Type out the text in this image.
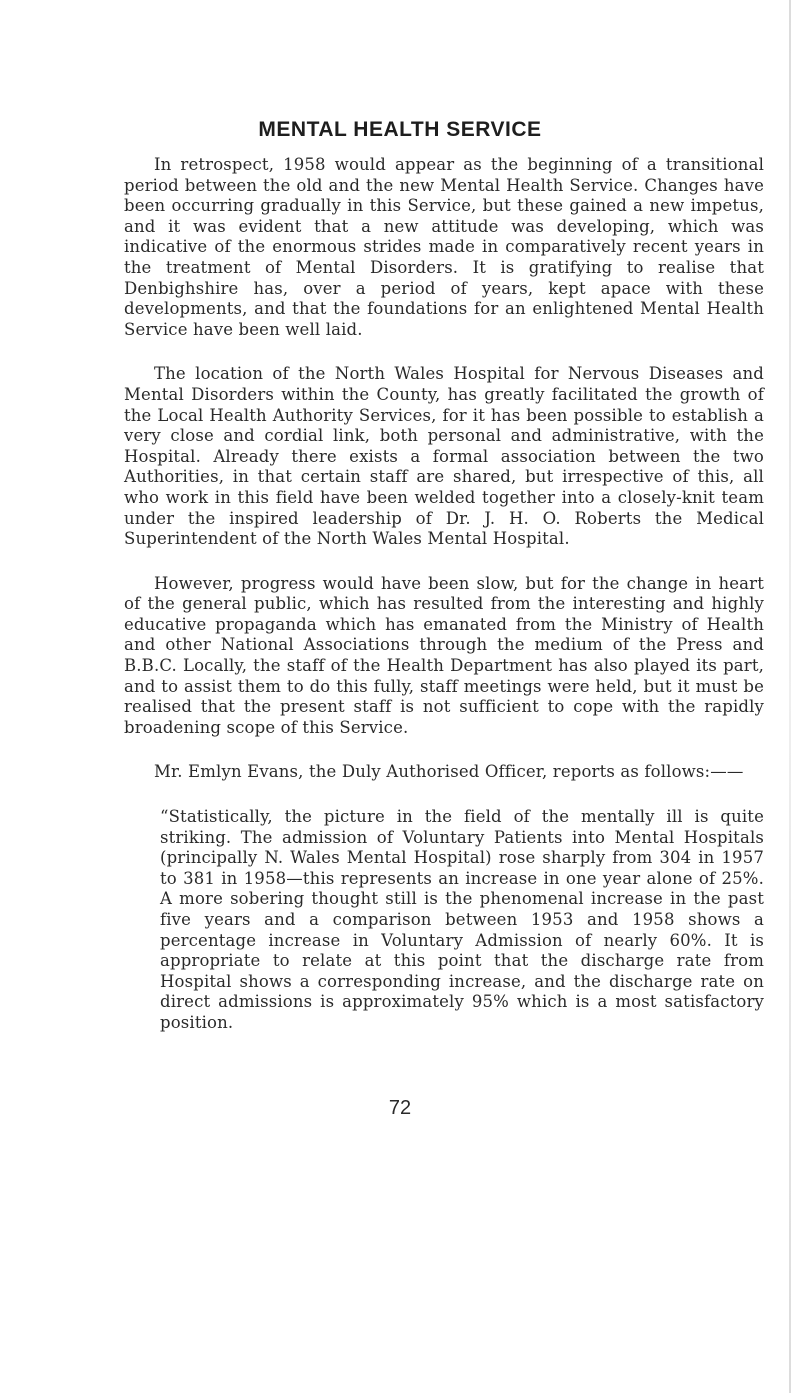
MENTAL HEALTH SERVICE

In retrospect, 1958 would appear as the beginning of a transitional period between the old and the new Mental Health Service. Changes have been occurring gradually in this Service, but these gained a new impetus, and it was evident that a new attitude was developing, which was indicative of the enormous strides made in comparatively recent years in the treatment of Mental Disorders. It is gratifying to realise that Denbighshire has, over a period of years, kept apace with these developments, and that the foundations for an enlightened Mental Health Service have been well laid.

The location of the North Wales Hospital for Nervous Diseases and Mental Disorders within the County, has greatly facilitated the growth of the Local Health Authority Services, for it has been possible to establish a very close and cordial link, both personal and administrative, with the Hospital. Already there exists a formal association between the two Authorities, in that certain staff are shared, but irrespective of this, all who work in this field have been welded together into a closely-knit team under the inspired leadership of Dr. J. H. O. Roberts the Medical Superintendent of the North Wales Mental Hospital.

However, progress would have been slow, but for the change in heart of the general public, which has resulted from the interesting and highly educative propaganda which has emanated from the Ministry of Health and other National Associations through the medium of the Press and B.B.C. Locally, the staff of the Health Department has also played its part, and to assist them to do this fully, staff meetings were held, but it must be realised that the present staff is not sufficient to cope with the rapidly broadening scope of this Service.

Mr. Emlyn Evans, the Duly Authorised Officer, reports as follows:——

“Statistically, the picture in the field of the mentally ill is quite striking. The admission of Voluntary Patients into Mental Hospitals (principally N. Wales Mental Hospital) rose sharply from 304 in 1957 to 381 in 1958—this represents an increase in one year alone of 25%. A more sobering thought still is the phenomenal increase in the past five years and a comparison between 1953 and 1958 shows a percentage increase in Voluntary Admission of nearly 60%. It is appropriate to relate at this point that the discharge rate from Hospital shows a corresponding increase, and the discharge rate on direct admissions is approximately 95% which is a most satisfactory position.

72
